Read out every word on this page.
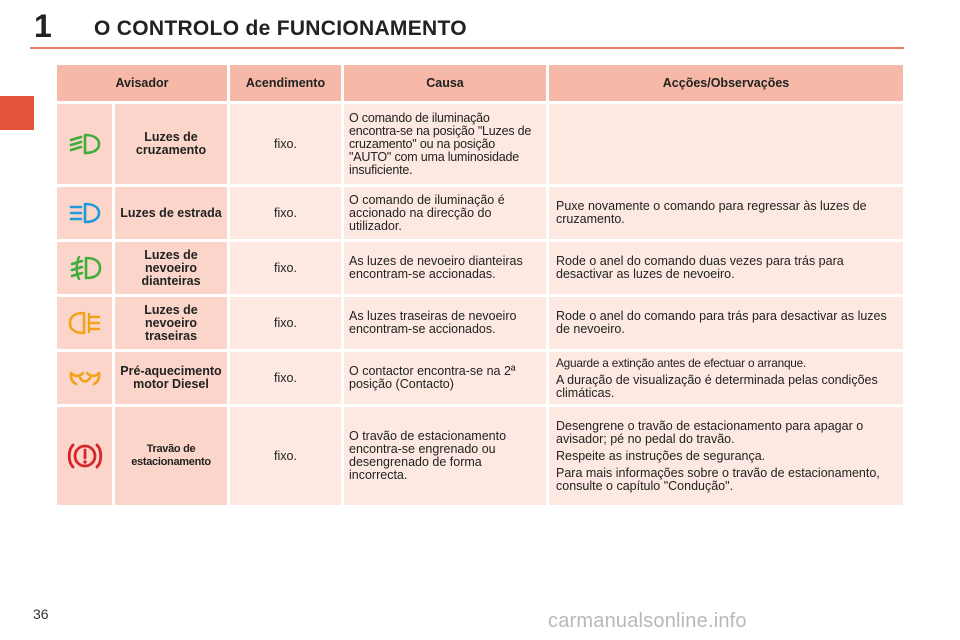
1 O CONTROLO de FUNCIONAMENTO
Avisador		Acendimento	Causa	Acções/Observações
	Luzes de cruzamento	fixo.	O comando de iluminação encontra-se na posição "Luzes de cruzamento" ou na posição "AUTO" com uma luminosidade insuficiente.	
	Luzes de estrada	fixo.	O comando de iluminação é accionado na direcção do utilizador.	Puxe novamente o comando para regressar às luzes de cruzamento.

	Luzes de nevoeiro dianteiras	fixo.	As luzes de nevoeiro dianteiras encontram-se accionadas.	Rode o anel do comando duas vezes para trás para desactivar as luzes de nevoeiro.

	Luzes de nevoeiro traseiras	fixo.	As luzes traseiras de nevoeiro encontram-se accionados.	Rode o anel do comando para trás para desactivar as luzes de nevoeiro.

	Pré-aquecimento motor Diesel	fixo.	O contactor encontra-se na 2ª posição (Contacto)	Aguarde a extinção antes de efectuar o arranque.

A duração de visualização é determinada pelas condições climáticas.

	Travão de estacionamento	fixo.	O travão de estacionamento encontra-se engrenado ou desengrenado de forma incorrecta.	Desengrene o travão de estacionamento para apagar o avisador; pé no pedal do travão.

Respeite as instruções de segurança.

Para mais informações sobre o travão de estacionamento, consulte o capítulo "Condução".

36	carmanualsonline.info
